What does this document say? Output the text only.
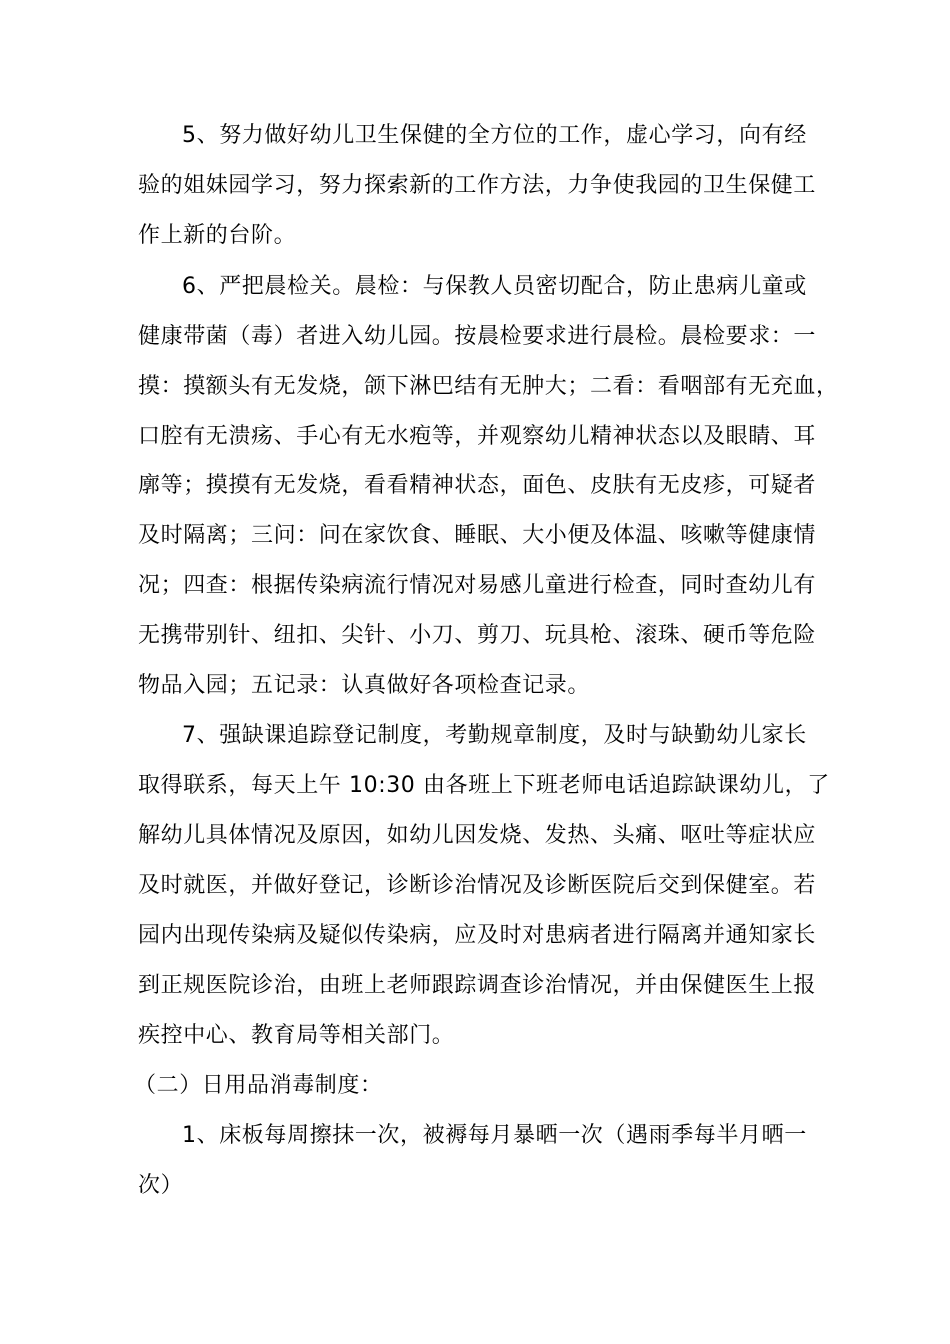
5、努力做好幼儿卫生保健的全方位的工作，虚心学习，向有经
验的姐妹园学习，努力探索新的工作方法，力争使我园的卫生保健工
作上新的台阶。
6、严把晨检关。晨检：与保教人员密切配合，防止患病儿童或
健康带菌（毒）者进入幼儿园。按晨检要求进行晨检。晨检要求：一
摸：摸额头有无发烧，颌下淋巴结有无肿大；二看：看咽部有无充血，
口腔有无溃疡、手心有无水疱等，并观察幼儿精神状态以及眼睛、耳
廓等；摸摸有无发烧，看看精神状态，面色、皮肤有无皮疹，可疑者
及时隔离；三问：问在家饮食、睡眠、大小便及体温、咳嗽等健康情
况；四查：根据传染病流行情况对易感儿童进行检查，同时查幼儿有
无携带别针、纽扣、尖针、小刀、剪刀、玩具枪、滚珠、硬币等危险
物品入园；五记录：认真做好各项检查记录。
7、强缺课追踪登记制度，考勤规章制度，及时与缺勤幼儿家长
取得联系，每天上午 10:30 由各班上下班老师电话追踪缺课幼儿，了
解幼儿具体情况及原因，如幼儿因发烧、发热、头痛、呕吐等症状应
及时就医，并做好登记，诊断诊治情况及诊断医院后交到保健室。若
园内出现传染病及疑似传染病，应及时对患病者进行隔离并通知家长
到正规医院诊治，由班上老师跟踪调查诊治情况，并由保健医生上报
疾控中心、教育局等相关部门。
（二）日用品消毒制度：
1、床板每周擦抹一次，被褥每月暴晒一次（遇雨季每半月晒一
次）
